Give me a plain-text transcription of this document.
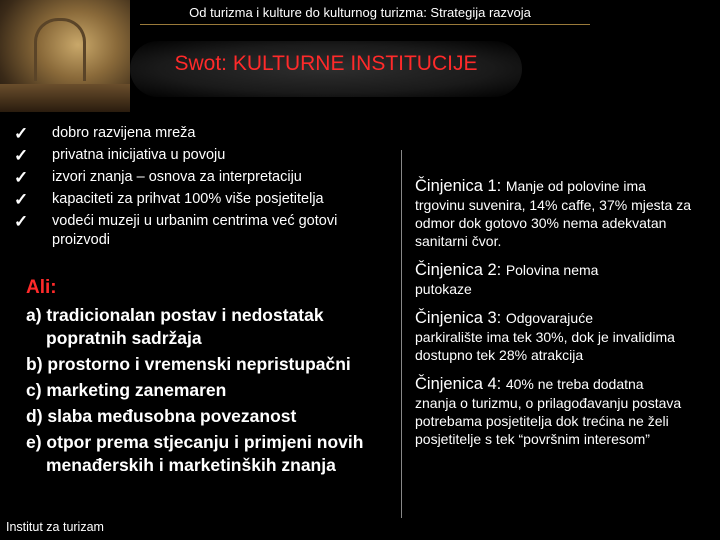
Od turizma i kulture do kulturnog turizma: Strategija razvoja
Swot: KULTURNE INSTITUCIJE
✓ dobro razvijena mreža
✓ privatna inicijativa u povoju
✓ izvori znanja – osnova za interpretaciju
✓ kapaciteti za prihvat 100% više posjetitelja
✓ vodeći muzeji u urbanim centrima već gotovi proizvodi
Ali:
a) tradicionalan postav i nedostatak popratnih sadržaja
b) prostorno i vremenski nepristupačni
c) marketing zanemaren
d) slaba međusobna povezanost
e) otpor prema stjecanju i primjeni novih menađerskih i marketinških znanja
Institut za turizam
Činjenica 1: Manje od polovine ima
trgovinu suvenira, 14% caffe, 37% mjesta za odmor dok gotovo 30% nema adekvatan sanitarni čvor.
Činjenica 2: Polovina nema
putokaze
Činjenica 3: Odgovarajuće
parkiralište ima tek 30%, dok je invalidima dostupno tek 28% atrakcija
Činjenica 4: 40% ne treba dodatna
znanja o turizmu, o prilagođavanju postava potrebama posjetitelja dok trećina ne želi posjetitelje s tek “površnim interesom”
